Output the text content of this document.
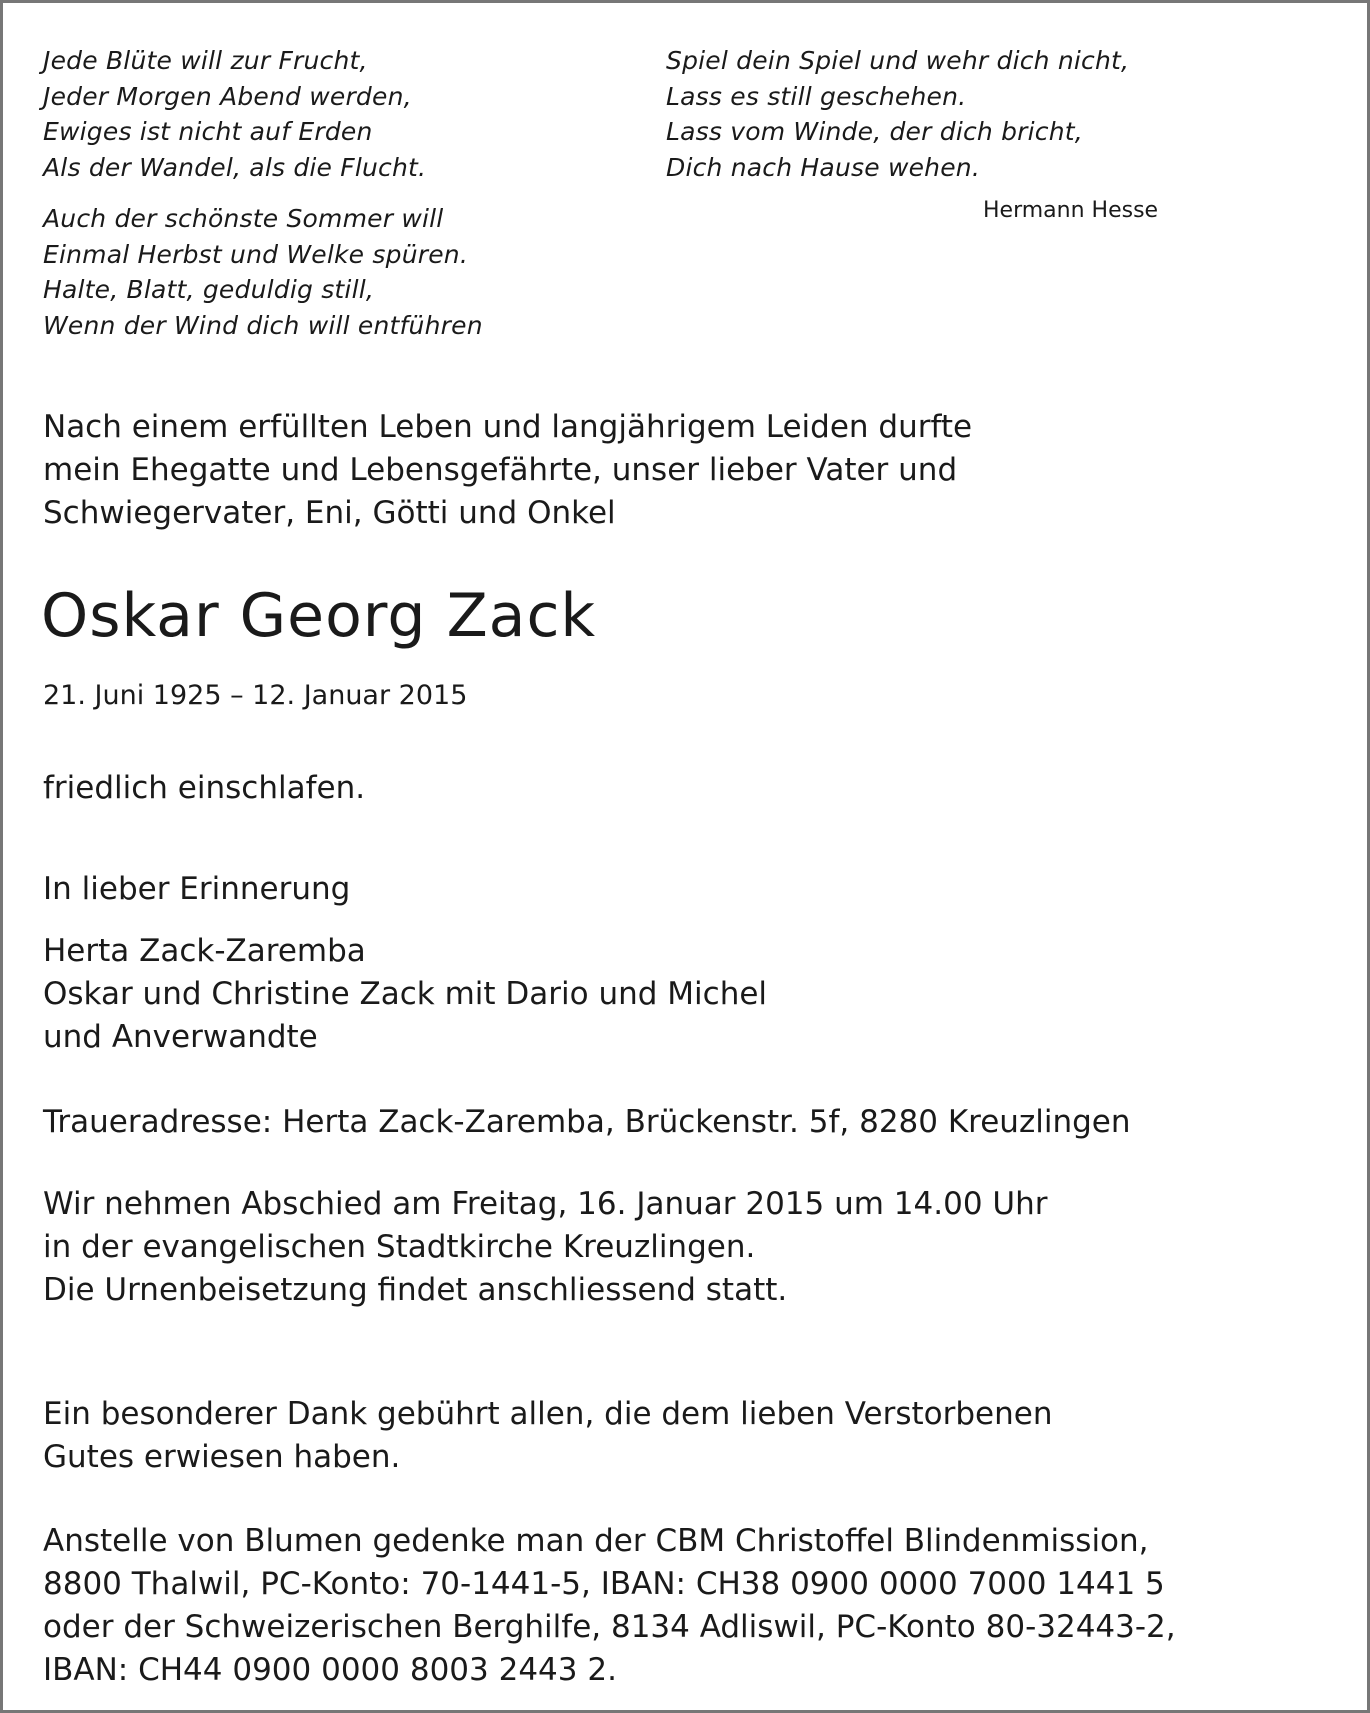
Jede Blüte will zur Frucht,
Jeder Morgen Abend werden,
Ewiges ist nicht auf Erden
Als der Wandel, als die Flucht.

Auch der schönste Sommer will
Einmal Herbst und Welke spüren.
Halte, Blatt, geduldig still,
Wenn der Wind dich will entführen

Spiel dein Spiel und wehr dich nicht,
Lass es still geschehen.
Lass vom Winde, der dich bricht,
Dich nach Hause wehen.

Hermann Hesse

Nach einem erfüllten Leben und langjährigem Leiden durfte
mein Ehegatte und Lebensgefährte, unser lieber Vater und
Schwiegervater, Eni, Götti und Onkel

Oskar Georg Zack

21. Juni 1925 – 12. Januar 2015

friedlich einschlafen.

In lieber Erinnerung

Herta Zack-Zaremba
Oskar und Christine Zack mit Dario und Michel
und Anverwandte

Traueradresse: Herta Zack-Zaremba, Brückenstr. 5f, 8280 Kreuzlingen

Wir nehmen Abschied am Freitag, 16. Januar 2015 um 14.00 Uhr
in der evangelischen Stadtkirche Kreuzlingen.
Die Urnenbeisetzung findet anschliessend statt.

Ein besonderer Dank gebührt allen, die dem lieben Verstorbenen
Gutes erwiesen haben.

Anstelle von Blumen gedenke man der CBM Christoffel Blindenmission,
8800 Thalwil, PC-Konto: 70-1441-5, IBAN: CH38 0900 0000 7000 1441 5
oder der Schweizerischen Berghilfe, 8134 Adliswil, PC-Konto 80-32443-2,
IBAN: CH44 0900 0000 8003 2443 2.
